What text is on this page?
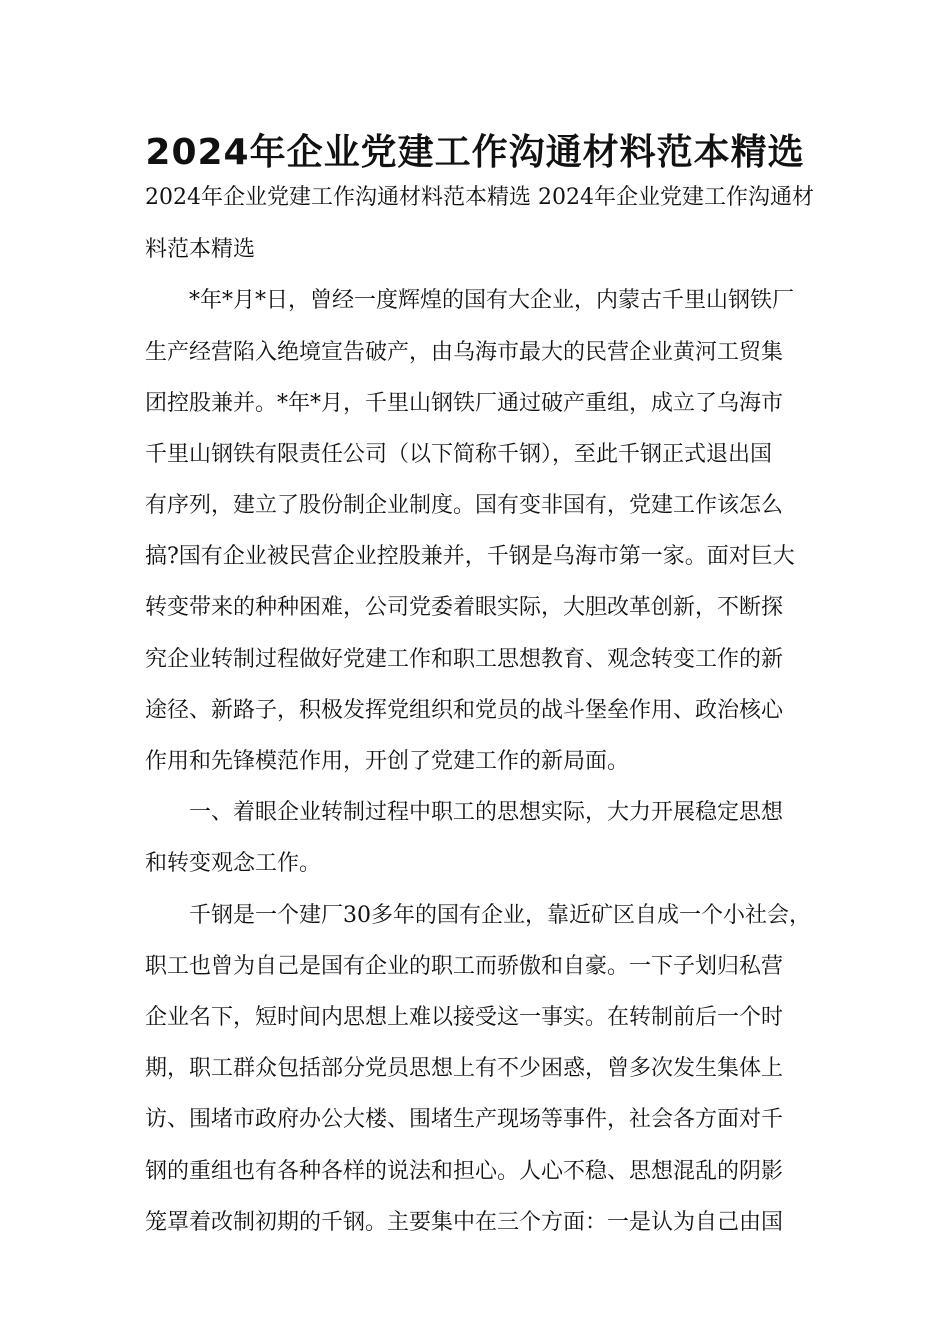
2024年企业党建工作沟通材料范本精选

2024年企业党建工作沟通材料范本精选 2024年企业党建工作沟通材

料范本精选

　　*年*月*日，曾经一度辉煌的国有大企业，内蒙古千里山钢铁厂

生产经营陷入绝境宣告破产，由乌海市最大的民营企业黄河工贸集

团控股兼并。*年*月，千里山钢铁厂通过破产重组，成立了乌海市

千里山钢铁有限责任公司（以下简称千钢），至此千钢正式退出国

有序列，建立了股份制企业制度。国有变非国有，党建工作该怎么

搞?国有企业被民营企业控股兼并，千钢是乌海市第一家。面对巨大

转变带来的种种困难，公司党委着眼实际，大胆改革创新，不断探

究企业转制过程做好党建工作和职工思想教育、观念转变工作的新

途径、新路子，积极发挥党组织和党员的战斗堡垒作用、政治核心

作用和先锋模范作用，开创了党建工作的新局面。

　　一、着眼企业转制过程中职工的思想实际，大力开展稳定思想

和转变观念工作。

　　千钢是一个建厂30多年的国有企业，靠近矿区自成一个小社会，

职工也曾为自己是国有企业的职工而骄傲和自豪。一下子划归私营

企业名下，短时间内思想上难以接受这一事实。在转制前后一个时

期，职工群众包括部分党员思想上有不少困惑，曾多次发生集体上

访、围堵市政府办公大楼、围堵生产现场等事件，社会各方面对千

钢的重组也有各种各样的说法和担心。人心不稳、思想混乱的阴影

笼罩着改制初期的千钢。主要集中在三个方面：一是认为自己由国
